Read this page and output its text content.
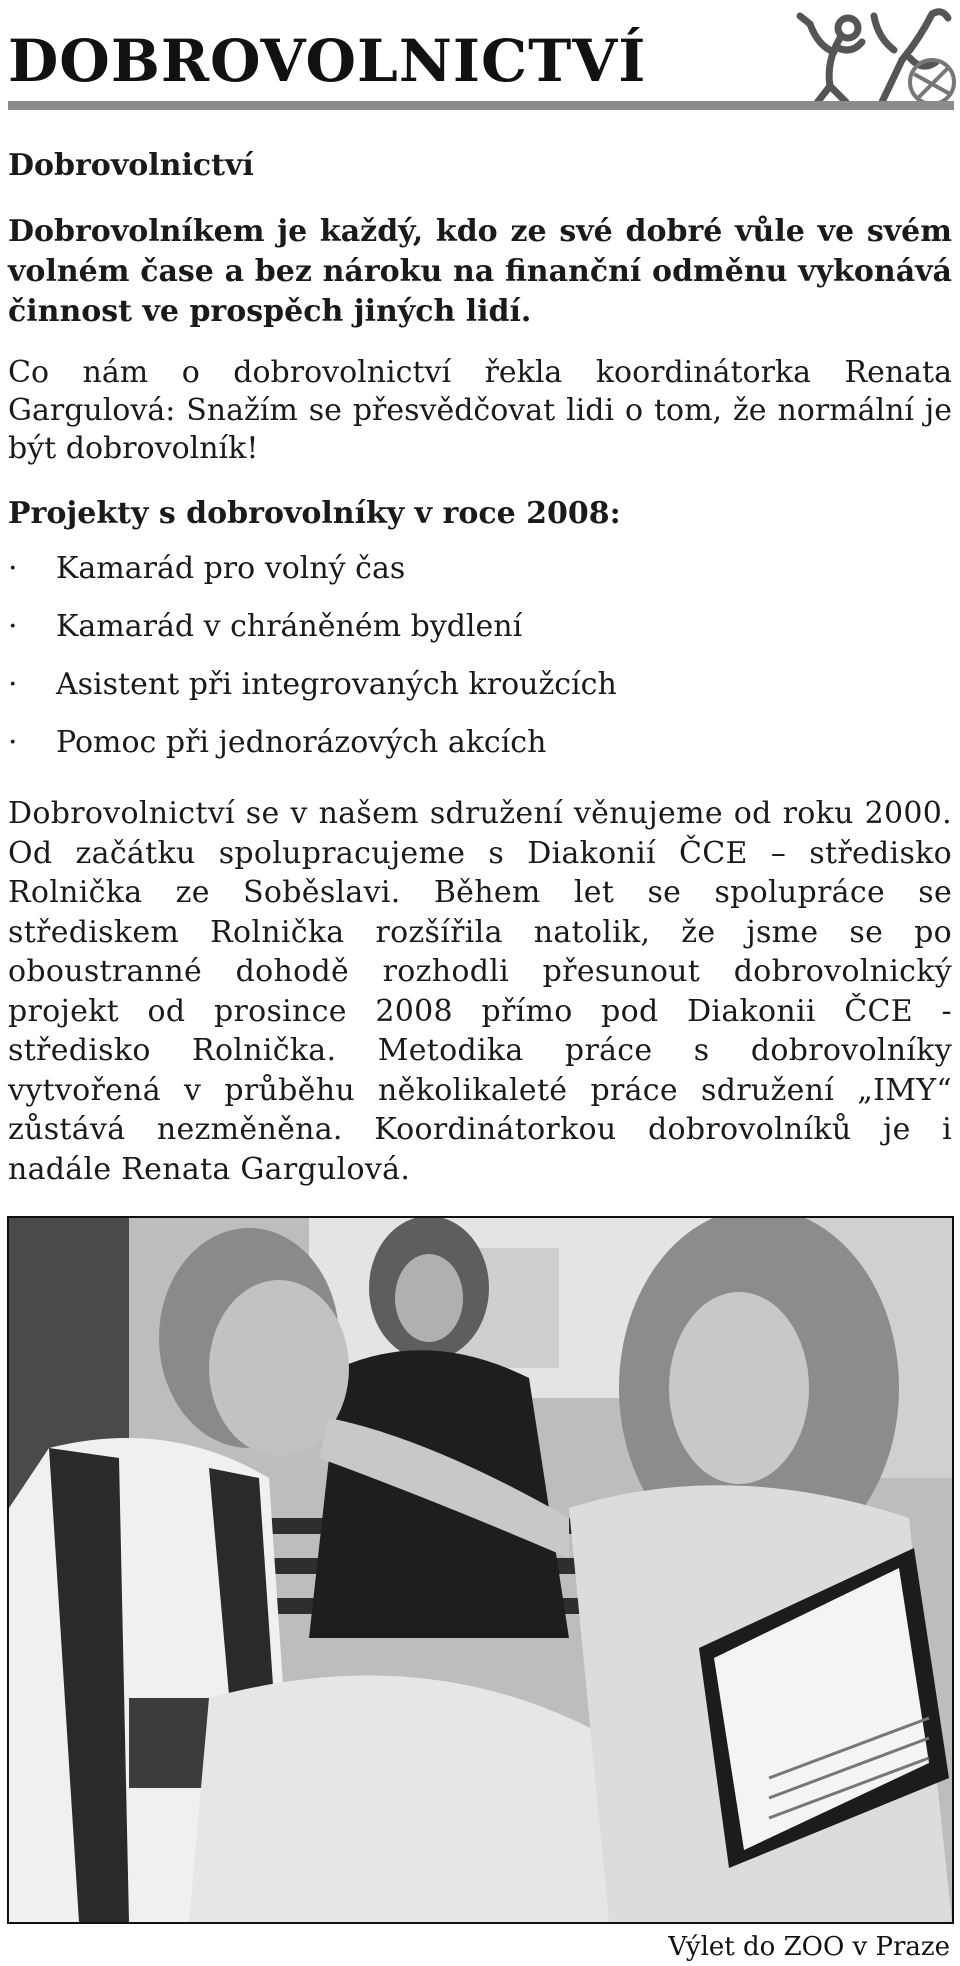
DOBROVOLNICTVÍ
Dobrovolnictví

Dobrovolníkem je každý, kdo ze své dobré vůle ve svém volném čase a bez nároku na finanční odměnu vykonává činnost ve prospěch jiných lidí.

Co nám o dobrovolnictví řekla koordinátorka Renata Gargulová: Snažím se přesvědčovat lidi o tom, že normální je být dobrovolník!

Projekty s dobrovolníky v roce 2008:
· Kamarád pro volný čas
· Kamarád v chráněném bydlení
· Asistent při integrovaných kroužcích
· Pomoc při jednorázových akcích

Dobrovolnictví se v našem sdružení věnujeme od roku 2000. Od začátku spolupracujeme s Diakonií ČCE – středisko Rolnička ze Soběslavi. Během let se spolupráce se střediskem Rolnička rozšířila natolik, že jsme se po oboustranné dohodě rozhodli přesunout dobrovolnický projekt od prosince 2008 přímo pod Diakonii ČCE - středisko Rolnička. Metodika práce s dobrovolníky vytvořená v průběhu několikaleté práce sdružení „IMY“ zůstává nezměněna. Koordinátorkou dobrovolníků je i nadále Renata Gargulová.

Výlet do ZOO v Praze
